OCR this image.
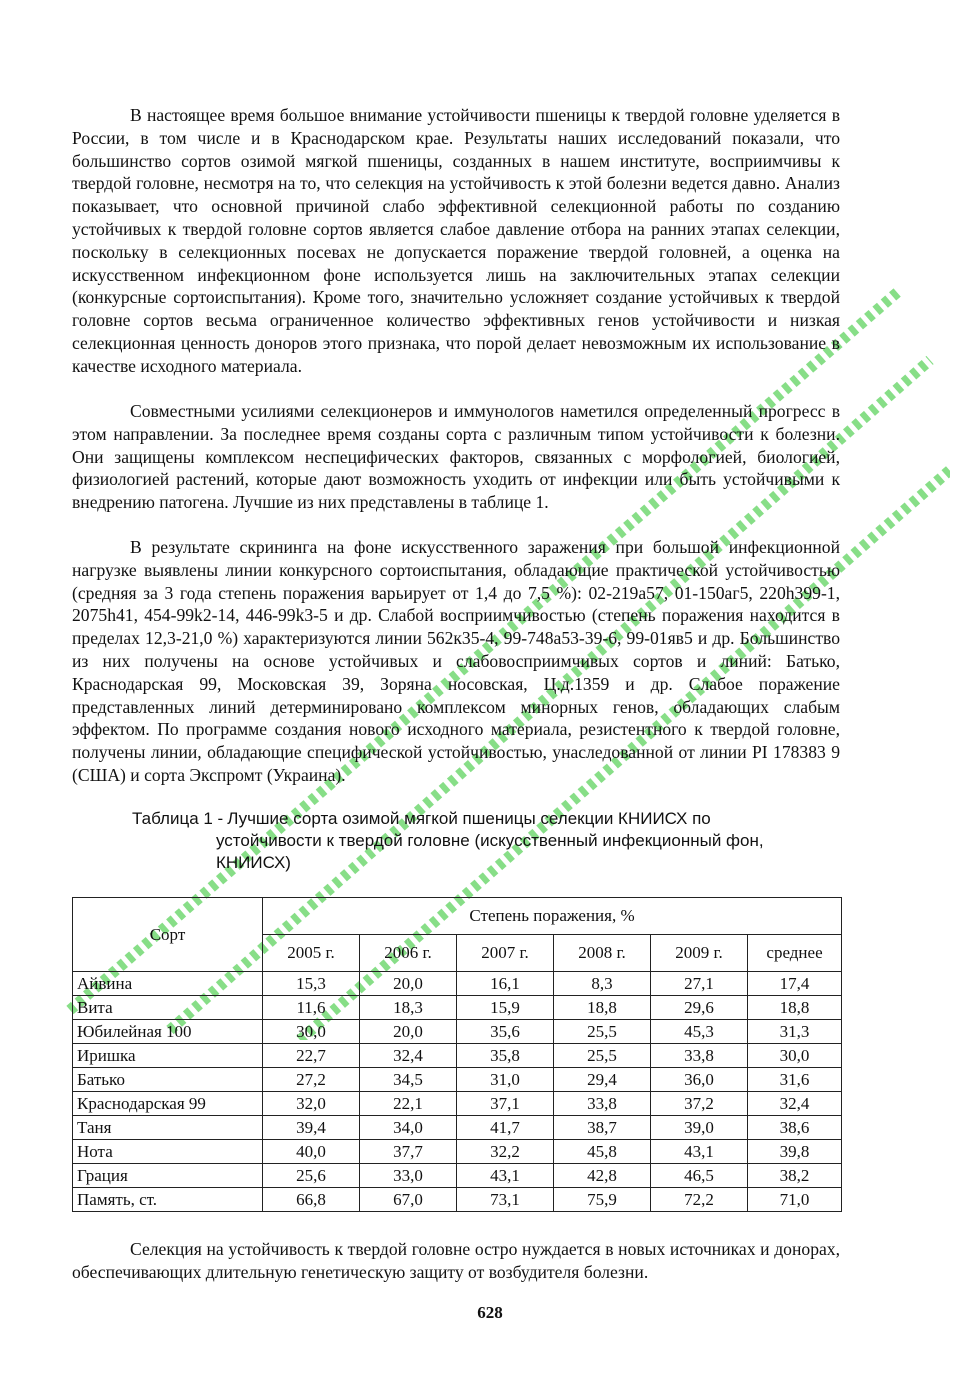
В настоящее время большое внимание устойчивости пшеницы к твердой головне уделяется в России, в том числе и в Краснодарском крае. Результаты наших исследований показали, что большинство сортов озимой мягкой пшеницы, созданных в нашем институте, восприимчивы к твердой головне, несмотря на то, что селекция на устойчивость к этой болезни ведется давно. Анализ показывает, что основной причиной слабо эффективной селекционной работы по созданию устойчивых к твердой головне сортов является слабое давление отбора на ранних этапах селекции, поскольку в селекционных посевах не допускается поражение твердой головней, а оценка на искусственном инфекционном фоне используется лишь на заключительных этапах селекции (конкурсные сортоиспытания). Кроме того, значительно усложняет создание устойчивых к твердой головне сортов весьма ограниченное количество эффективных генов устойчивости и низкая селекционная ценность доноров этого признака, что порой делает невозможным их использование в качестве исходного материала.

Совместными усилиями селекционеров и иммунологов наметился определенный прогресс в этом направлении. За последнее время созданы сорта с различным типом устойчивости к болезни. Они защищены комплексом неспецифических факторов, связанных с морфологией, биологией, физиологией растений, которые дают возможность уходить от инфекции или быть устойчивыми к внедрению патогена. Лучшие из них представлены в таблице 1.

В результате скрининга на фоне искусственного заражения при большой инфекционной нагрузке выявлены линии конкурсного сортоиспытания, обладающие практической устойчивостью (средняя за 3 года степень поражения варьирует от 1,4 до 7,5 %): 02-219а57, 01-150аг5, 220h399-1, 2075h41, 454-99k2-14, 446-99k3-5 и др. Слабой восприимчивостью (степень поражения находится в пределах 12,3-21,0 %) характеризуются линии 562к35-4, 99-748а53-39-6, 99-01яв5 и др. Большинство из них получены на основе устойчивых и слабовосприимчивых сортов и линий: Батько, Краснодарская 99, Московская 39, Зоряна носовская, Ц.д.1359 и др. Слабое поражение представленных линий детерминировано комплексом минорных генов, обладающих слабым эффектом. По программе создания нового исходного материала, резистентного к твердой головне, получены линии, обладающие специфической устойчивостью, унаследованной от линии PI 178383 9 (США) и сорта Экспромт (Украина).

Таблица 1 - Лучшие сорта озимой мягкой пшеницы селекции КНИИСХ по
устойчивости к твердой головне (искусственный инфекционный фон,
КНИИСХ)
Сорт	Степень поражения, %					
	2005 г.	2006 г.	2007 г.	2008 г.	2009 г.	среднее
Айвина	15,3	20,0	16,1	8,3	27,1	17,4
Вита	11,6	18,3	15,9	18,8	29,6	18,8
Юбилейная 100	30,0	20,0	35,6	25,5	45,3	31,3
Иришка	22,7	32,4	35,8	25,5	33,8	30,0
Батько	27,2	34,5	31,0	29,4	36,0	31,6
Краснодарская 99	32,0	22,1	37,1	33,8	37,2	32,4
Таня	39,4	34,0	41,7	38,7	39,0	38,6
Нота	40,0	37,7	32,2	45,8	43,1	39,8
Грация	25,6	33,0	43,1	42,8	46,5	38,2
Память, ст.	66,8	67,0	73,1	75,9	72,2	71,0

Селекция на устойчивость к твердой головне остро нуждается в новых источниках и донорах, обеспечивающих длительную генетическую защиту от возбудителя болезни.

628
